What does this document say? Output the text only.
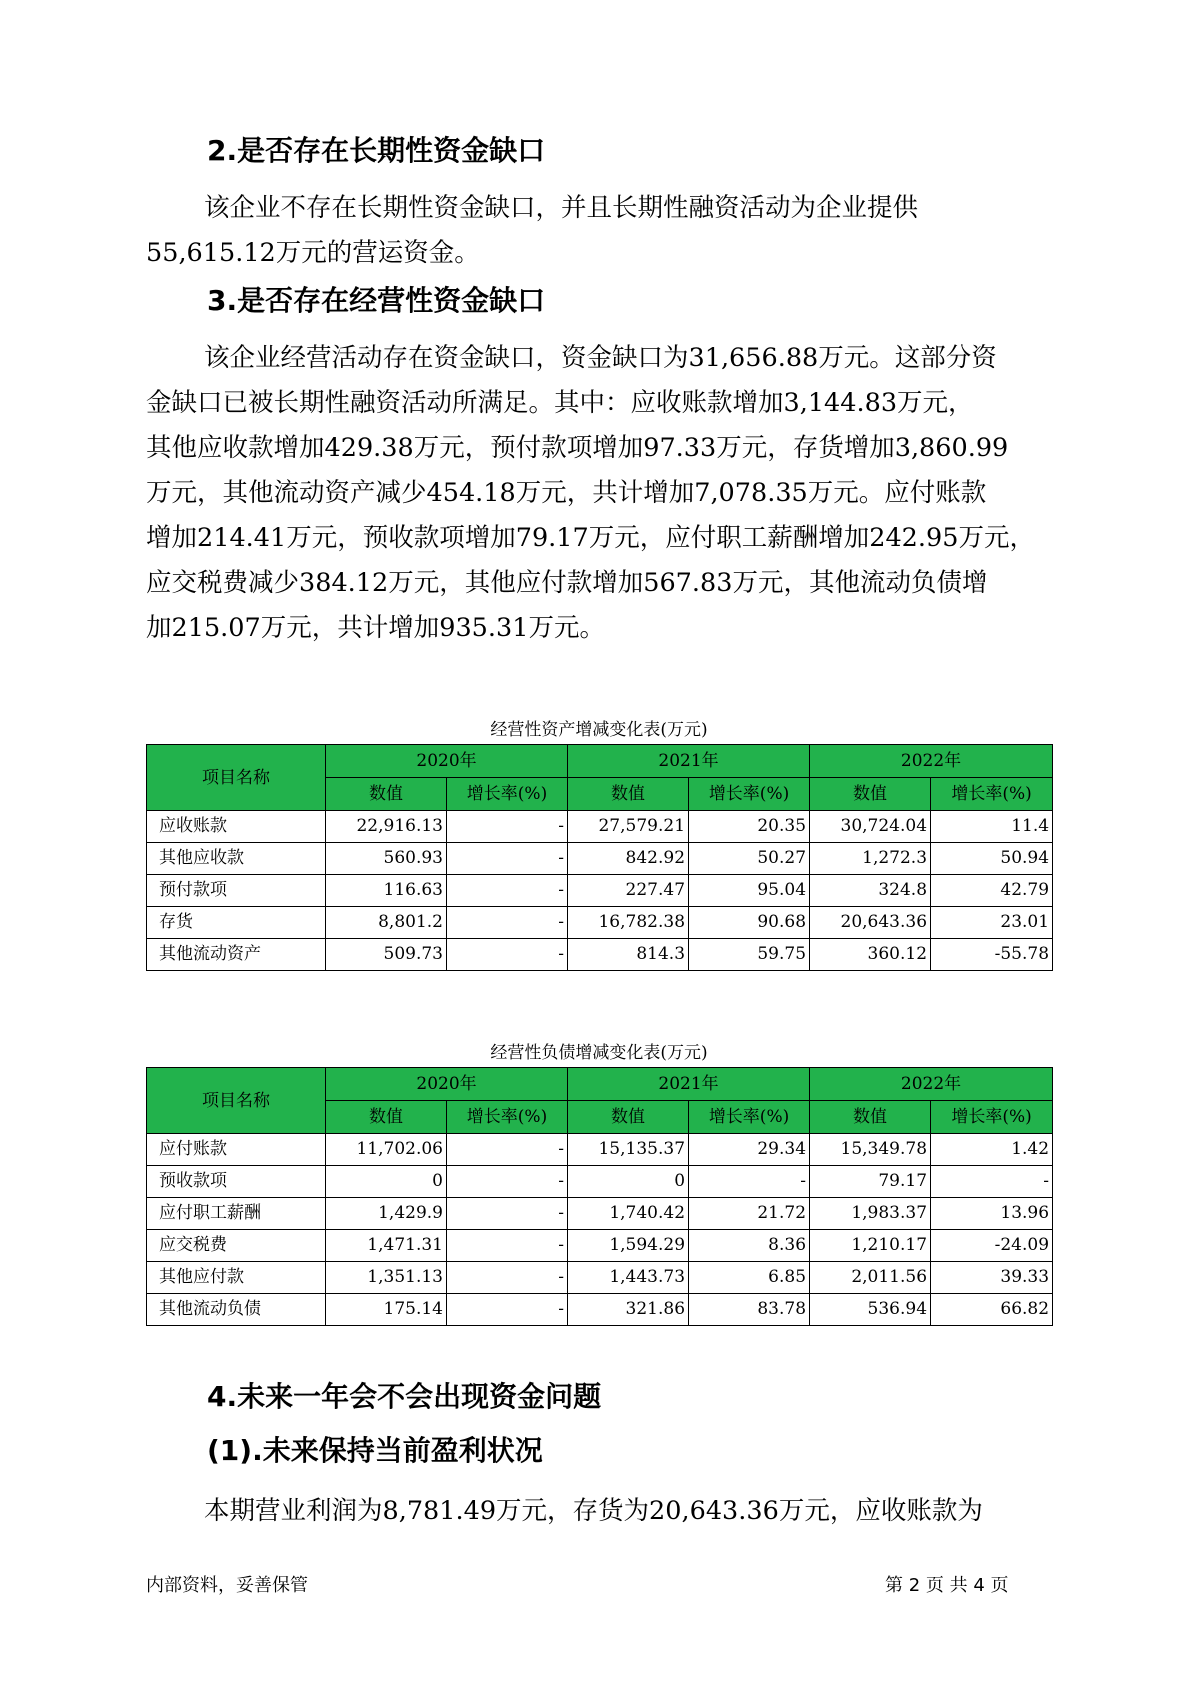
2.是否存在长期性资金缺口

该企业不存在长期性资金缺口，并且长期性融资活动为企业提供
55,615.12万元的营运资金。

3.是否存在经营性资金缺口

该企业经营活动存在资金缺口，资金缺口为31,656.88万元。这部分资
金缺口已被长期性融资活动所满足。其中：应收账款增加3,144.83万元，
其他应收款增加429.38万元，预付款项增加97.33万元，存货增加3,860.99
万元，其他流动资产减少454.18万元，共计增加7,078.35万元。应付账款
增加214.41万元，预收款项增加79.17万元，应付职工薪酬增加242.95万元，
应交税费减少384.12万元，其他应付款增加567.83万元，其他流动负债增
加215.07万元，共计增加935.31万元。

经营性资产增减变化表(万元)

项目名称	2020年		2021年		2022年	
	数值	增长率(%)	数值	增长率(%)	数值	增长率(%)
应收账款	22,916.13	-	27,579.21	20.35	30,724.04	11.4
其他应收款	560.93	-	842.92	50.27	1,272.3	50.94
预付款项	116.63	-	227.47	95.04	324.8	42.79
存货	8,801.2	-	16,782.38	90.68	20,643.36	23.01
其他流动资产	509.73	-	814.3	59.75	360.12	-55.78

经营性负债增减变化表(万元)

项目名称	2020年		2021年		2022年	
	数值	增长率(%)	数值	增长率(%)	数值	增长率(%)
应付账款	11,702.06	-	15,135.37	29.34	15,349.78	1.42
预收款项	0	-	0	-	79.17	-
应付职工薪酬	1,429.9	-	1,740.42	21.72	1,983.37	13.96
应交税费	1,471.31	-	1,594.29	8.36	1,210.17	-24.09
其他应付款	1,351.13	-	1,443.73	6.85	2,011.56	39.33
其他流动负债	175.14	-	321.86	83.78	536.94	66.82
4.未来一年会不会出现资金问题
(1).未来保持当前盈利状况

本期营业利润为8,781.49万元，存货为20,643.36万元，应收账款为

内部资料，妥善保管	第 2 页 共 4 页
